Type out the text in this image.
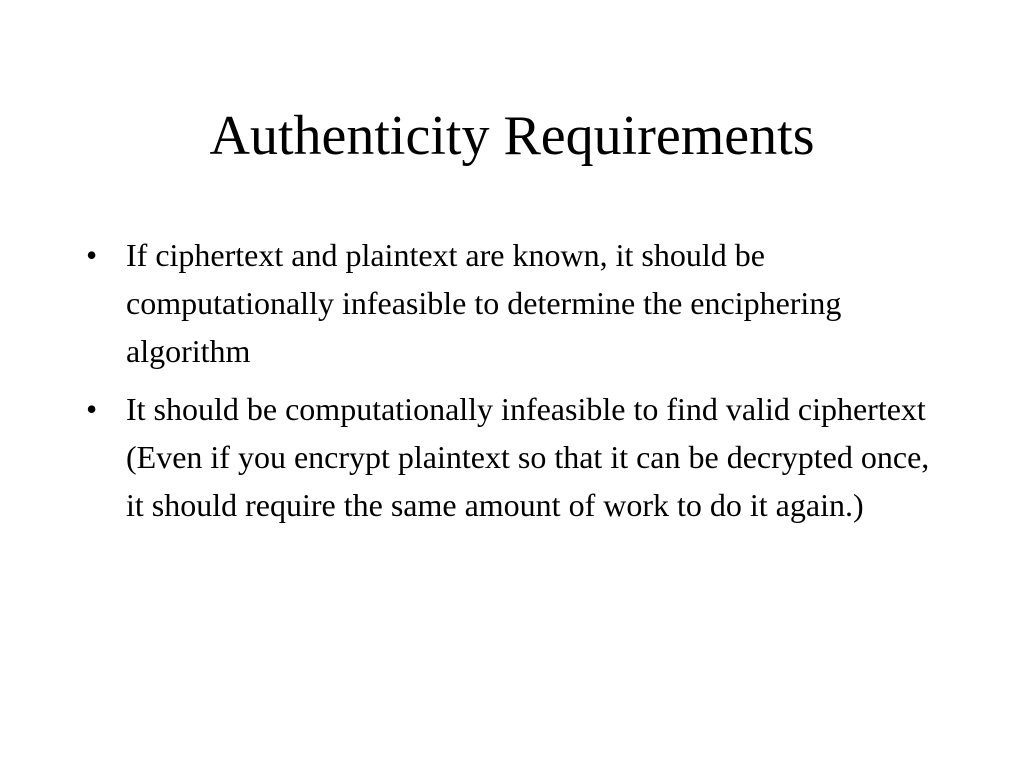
Authenticity Requirements
• If ciphertext and plaintext are known, it should be computationally infeasible to determine the enciphering algorithm
• It should be computationally infeasible to find valid ciphertext (Even if you encrypt plaintext so that it can be decrypted once, it should require the same amount of work to do it again.)
